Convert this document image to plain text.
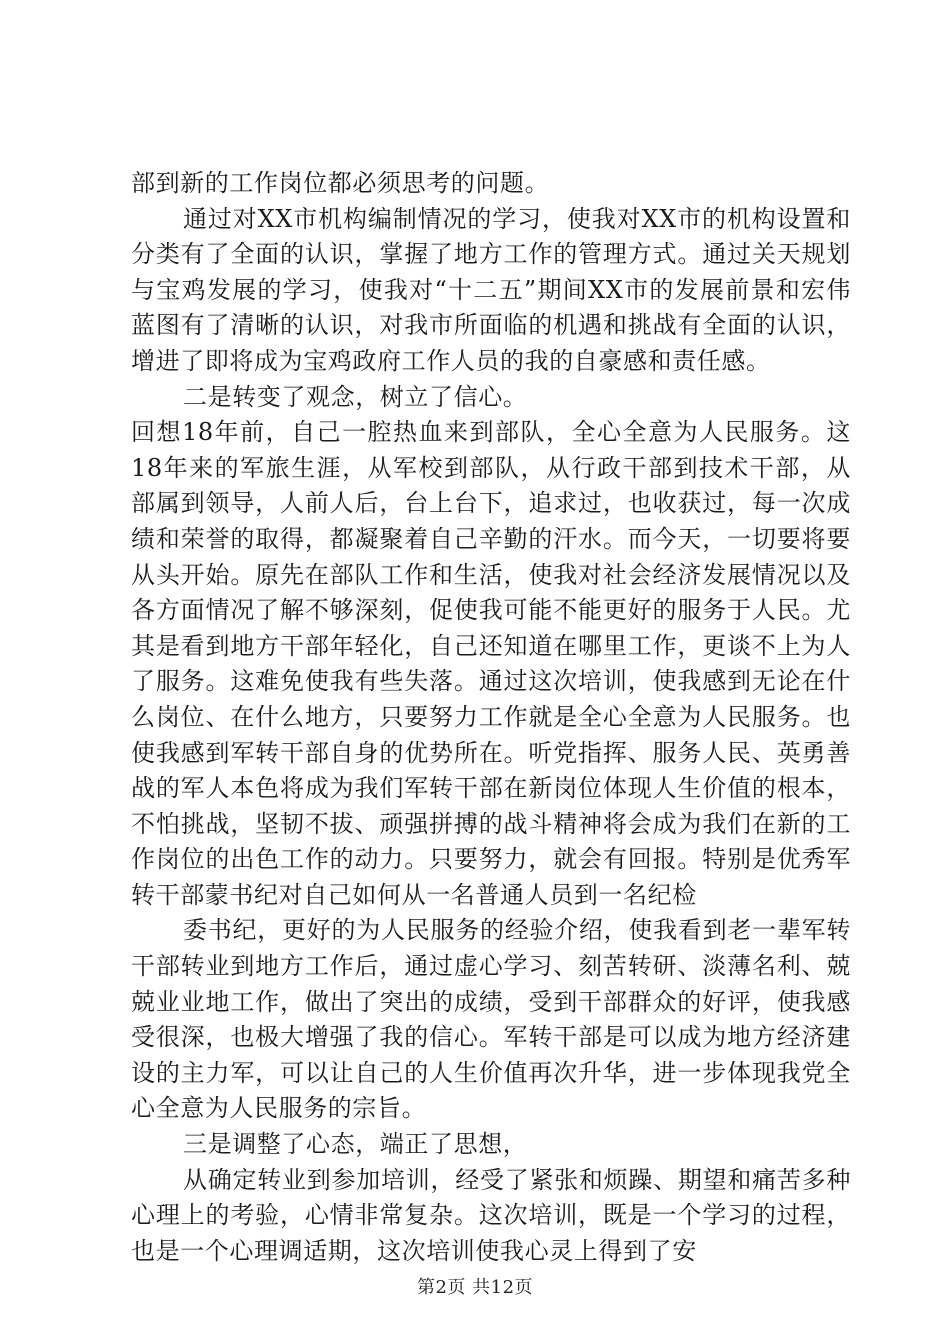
部到新的工作岗位都必须思考的问题。

通过对XX市机构编制情况的学习，使我对XX市的机构设置和分类有了全面的认识，掌握了地方工作的管理方式。通过关天规划与宝鸡发展的学习，使我对“十二五”期间XX市的发展前景和宏伟蓝图有了清晰的认识，对我市所面临的机遇和挑战有全面的认识，增进了即将成为宝鸡政府工作人员的我的自豪感和责任感。

二是转变了观念，树立了信心。

回想18年前，自己一腔热血来到部队，全心全意为人民服务。这18年来的军旅生涯，从军校到部队，从行政干部到技术干部，从部属到领导，人前人后，台上台下，追求过，也收获过，每一次成绩和荣誉的取得，都凝聚着自己辛勤的汗水。而今天，一切要将要从头开始。原先在部队工作和生活，使我对社会经济发展情况以及各方面情况了解不够深刻，促使我可能不能更好的服务于人民。尤其是看到地方干部年轻化，自己还知道在哪里工作，更谈不上为人了服务。这难免使我有些失落。通过这次培训，使我感到无论在什么岗位、在什么地方，只要努力工作就是全心全意为人民服务。也使我感到军转干部自身的优势所在。听党指挥、服务人民、英勇善战的军人本色将成为我们军转干部在新岗位体现人生价值的根本，不怕挑战，坚韧不拔、顽强拼搏的战斗精神将会成为我们在新的工作岗位的出色工作的动力。只要努力，就会有回报。特别是优秀军转干部蒙书纪对自己如何从一名普通人员到一名纪检

委书纪，更好的为人民服务的经验介绍，使我看到老一辈军转干部转业到地方工作后，通过虚心学习、刻苦转研、淡薄名利、兢兢业业地工作，做出了突出的成绩，受到干部群众的好评，使我感受很深，也极大增强了我的信心。军转干部是可以成为地方经济建设的主力军，可以让自己的人生价值再次升华，进一步体现我党全心全意为人民服务的宗旨。

三是调整了心态，端正了思想，

从确定转业到参加培训，经受了紧张和烦躁、期望和痛苦多种心理上的考验，心情非常复杂。这次培训，既是一个学习的过程，也是一个心理调适期，这次培训使我心灵上得到了安

第2页 共12页
